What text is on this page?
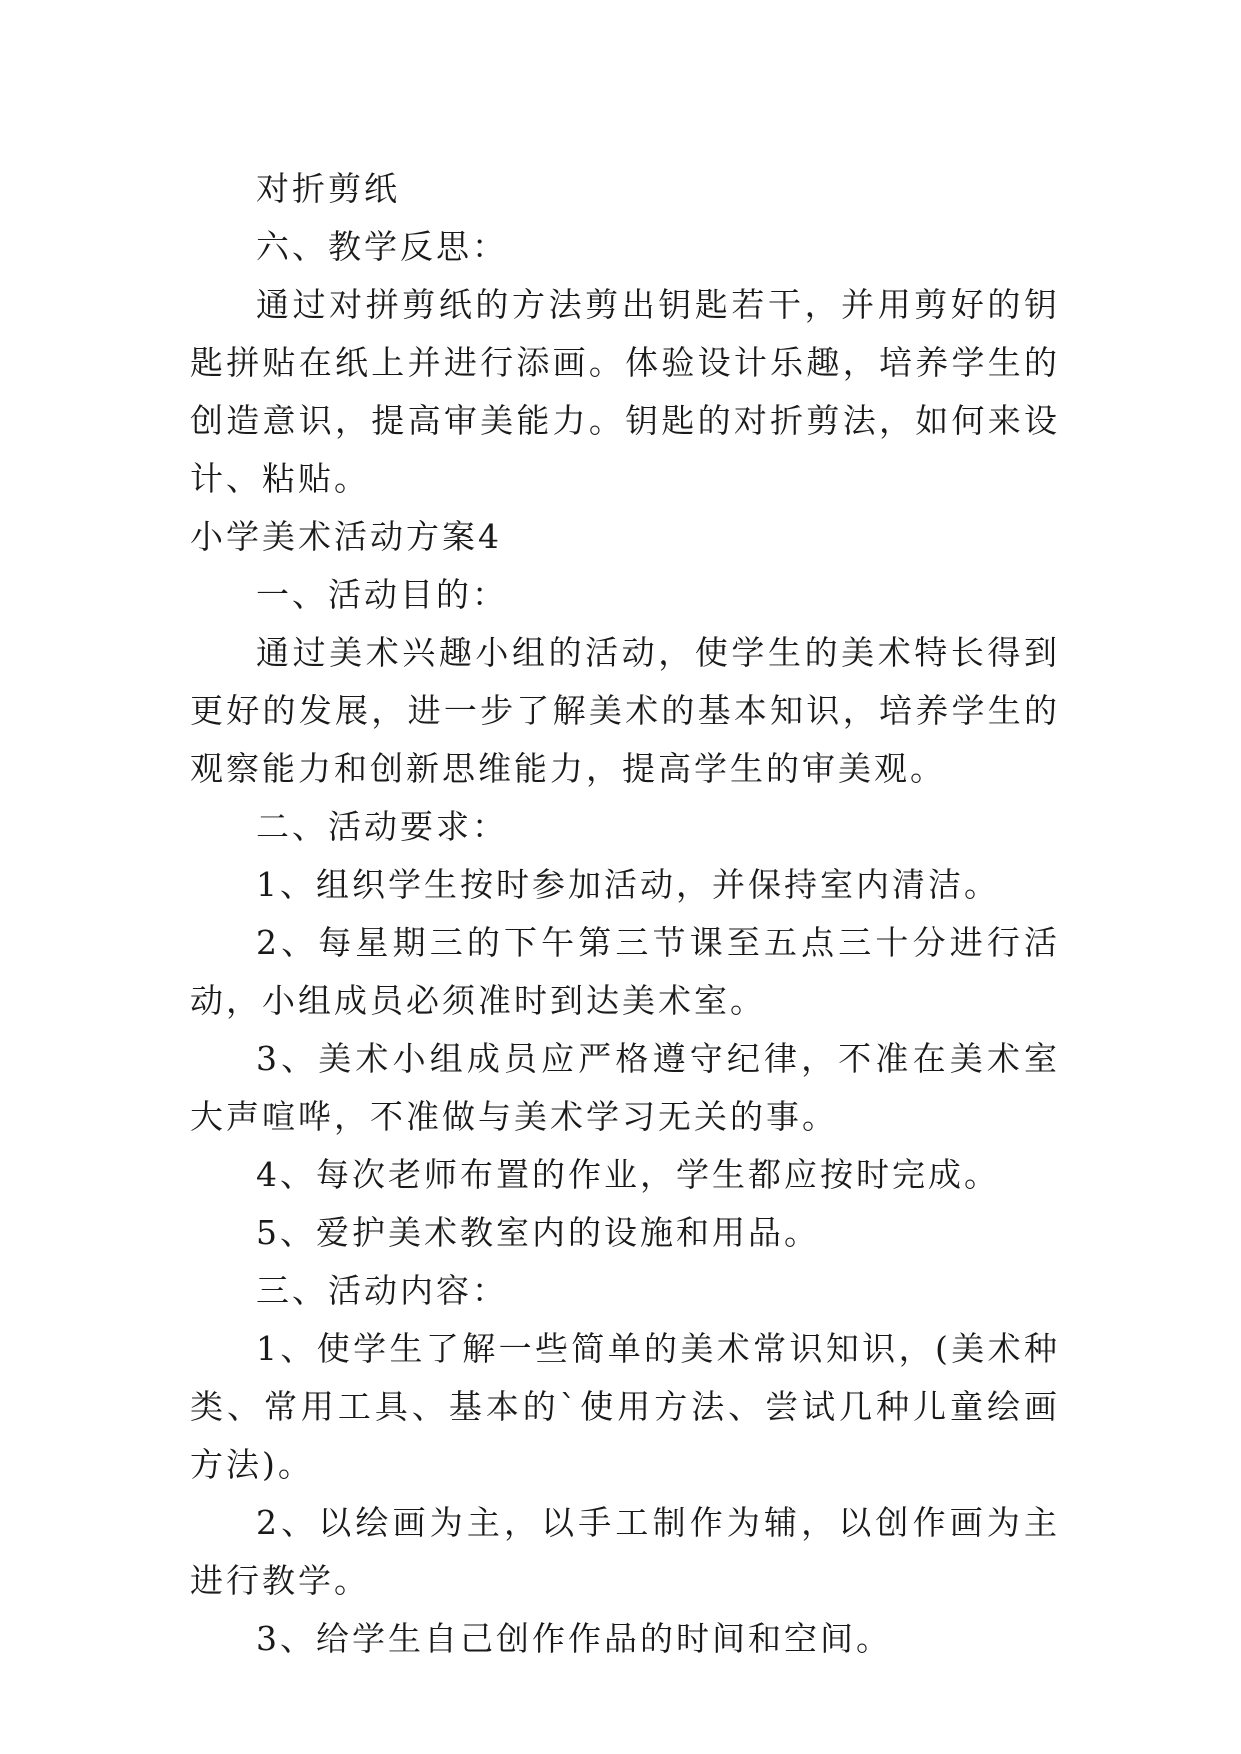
对折剪纸

六、教学反思：

通过对拼剪纸的方法剪出钥匙若干，并用剪好的钥匙拼贴在纸上并进行添画。体验设计乐趣，培养学生的创造意识，提高审美能力。钥匙的对折剪法，如何来设计、粘贴。

小学美术活动方案4

一、活动目的：

通过美术兴趣小组的活动，使学生的美术特长得到更好的发展，进一步了解美术的基本知识，培养学生的观察能力和创新思维能力，提高学生的审美观。

二、活动要求：

1、组织学生按时参加活动，并保持室内清洁。

2、每星期三的下午第三节课至五点三十分进行活动，小组成员必须准时到达美术室。

3、美术小组成员应严格遵守纪律，不准在美术室大声喧哗，不准做与美术学习无关的事。

4、每次老师布置的作业，学生都应按时完成。

5、爱护美术教室内的设施和用品。

三、活动内容：

1、使学生了解一些简单的美术常识知识，(美术种类、常用工具、基本的`使用方法、尝试几种儿童绘画方法)。

2、以绘画为主，以手工制作为辅，以创作画为主进行教学。

3、给学生自己创作作品的时间和空间。
